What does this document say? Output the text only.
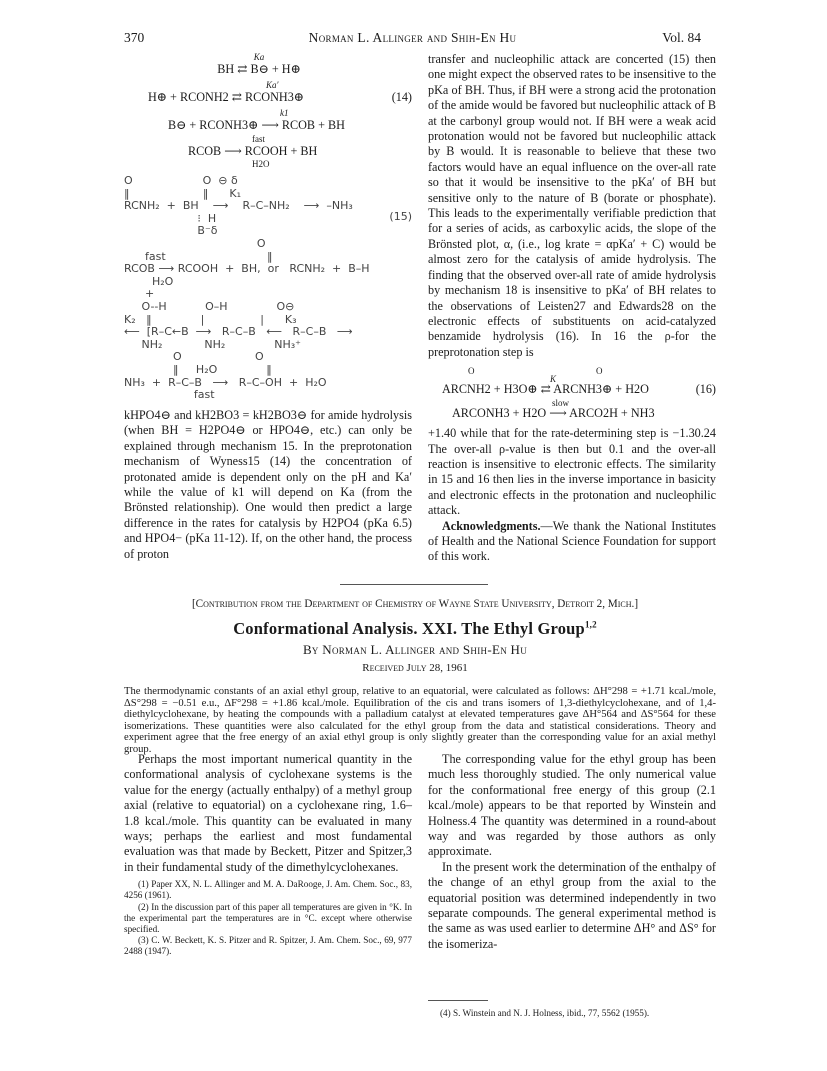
370	Norman L. Allinger and Shih-En Hu	Vol. 84
Ka
BH ⇄ B⊖ + H⊕
Ka′
H⊕ + RCONH2 ⇄ RCONH3⊕	(14)
k1
B⊖ + RCONH3⊕ ⟶ RCOB + BH
fast
RCOB ⟶ RCOOH + BH
H2O
(15)
O                    O  ⊖ δ
‖                     ‖      K₁
RCNH₂  +  BH    ⟶    R–C–NH₂    ⟶  –NH₃
⁝  H
B⁻δ
O
fast                             ‖
RCOB ⟶ RCOOH  +  BH,  or   RCNH₂  +  B–H
H₂O
+
O--H           O–H              O⊖
K₂   ‖              |                |      K₃
⟵  [R–C←B  ⟶   R–C–B   ⟵   R–C–B   ⟶
NH₂            NH₂              NH₃⁺
O                     O
‖     H₂O              ‖
NH₃  +  R–C–B   ⟶   R–C–OH  +  H₂O
fast

kHPO4⊖ and kH2BO3 = kH2BO3⊖ for amide hydrolysis (when BH = H2PO4⊖ or HPO4⊖, etc.) can only be explained through mechanism 15. In the preprotonation mechanism of Wyness15 (14) the concentration of protonated amide is dependent only on the pH and Ka′ while the value of k1 will depend on Ka (from the Brönsted relationship). One would then predict a large difference in the rates for catalysis by H2PO4 (pKa 6.5) and HPO4− (pKa 11-12). If, on the other hand, the process of proton

transfer and nucleophilic attack are concerted (15) then one might expect the observed rates to be insensitive to the pKa of BH. Thus, if BH were a strong acid the protonation of the amide would be favored but nucleophilic attack of B at the carbonyl group would not. If BH were a weak acid protonation would not be favored but nucleophilic attack by B would. It is reasonable to believe that these two factors would have an equal influence on the over-all rate so that it would be insensitive to the pKa′ of BH but sensitive only to the nature of B (borate or phosphate). This leads to the experimentally verifiable prediction that for a series of acids, as carboxylic acids, the slope of the Brönsted plot, α, (i.e., log krate = αpKa′ + C) would be almost zero for the catalysis of amide hydrolysis. The finding that the observed over-all rate of amide hydrolysis by mechanism 18 is insensitive to pKa′ of BH relates to the observations of Leisten27 and Edwards28 on the electronic effects of substituents on acid-catalyzed benzamide hydrolysis (16). In 16 the ρ-for the preprotonation step is

O	O
K
ARCNH2 + H3O⊕ ⇄ ARCNH3⊕ + H2O	(16)
slow
ARCONH3 + H2O ⟶ ARCO2H + NH3

+1.40 while that for the rate-determining step is −1.30.24 The over-all ρ-value is then but 0.1 and the over-all reaction is insensitive to electronic effects. The similarity in 15 and 16 then lies in the inverse importance in basicity and electronic effects in the protonation and nucleophilic attack.

Acknowledgments.—We thank the National Institutes of Health and the National Science Foundation for support of this work.

[Contribution from the Department of Chemistry of Wayne State University, Detroit 2, Mich.]
Conformational Analysis. XXI. The Ethyl Group$^{1,2}$
By Norman L. Allinger and Shih-En Hu
Received July 28, 1961
The thermodynamic constants of an axial ethyl group, relative to an equatorial, were calculated as follows: ΔH°298 = +1.71 kcal./mole, ΔS°298 = −0.51 e.u., ΔF°298 = +1.86 kcal./mole. Equilibration of the cis and trans isomers of 1,3-diethylcyclohexane, and of 1,4-diethylcyclohexane, by heating the compounds with a palladium catalyst at elevated temperatures gave ΔH°564 and ΔS°564 for these isomerizations. These quantities were also calculated for the ethyl group from the data and statistical considerations. Theory and experiment agree that the free energy of an axial ethyl group is only slightly greater than the corresponding value for an axial methyl group.

Perhaps the most important numerical quantity in the conformational analysis of cyclohexane systems is the value for the energy (actually enthalpy) of a methyl group axial (relative to equatorial) on a cyclohexane ring, 1.6–1.8 kcal./mole. This quantity can be evaluated in many ways; perhaps the earliest and most fundamental evaluation was that made by Beckett, Pitzer and Spitzer,3 in their fundamental study of the dimethylcyclohexanes.

(1) Paper XX, N. L. Allinger and M. A. DaRooge, J. Am. Chem. Soc., 83, 4256 (1961).

(2) In the discussion part of this paper all temperatures are given in °K. In the experimental part the temperatures are in °C. except where otherwise specified.

(3) C. W. Beckett, K. S. Pitzer and R. Spitzer, J. Am. Chem. Soc., 69, 977 2488 (1947).

The corresponding value for the ethyl group has been much less thoroughly studied. The only numerical value for the conformational free energy of this group (2.1 kcal./mole) appears to be that reported by Winstein and Holness.4 The quantity was determined in a round-about way and was regarded by those authors as only approximate.

In the present work the determination of the enthalpy of the change of an ethyl group from the axial to the equatorial position was determined independently in two separate compounds. The general experimental method is the same as was used earlier to determine ΔH° and ΔS° for the isomeriza-

(4) S. Winstein and N. J. Holness, ibid., 77, 5562 (1955).
